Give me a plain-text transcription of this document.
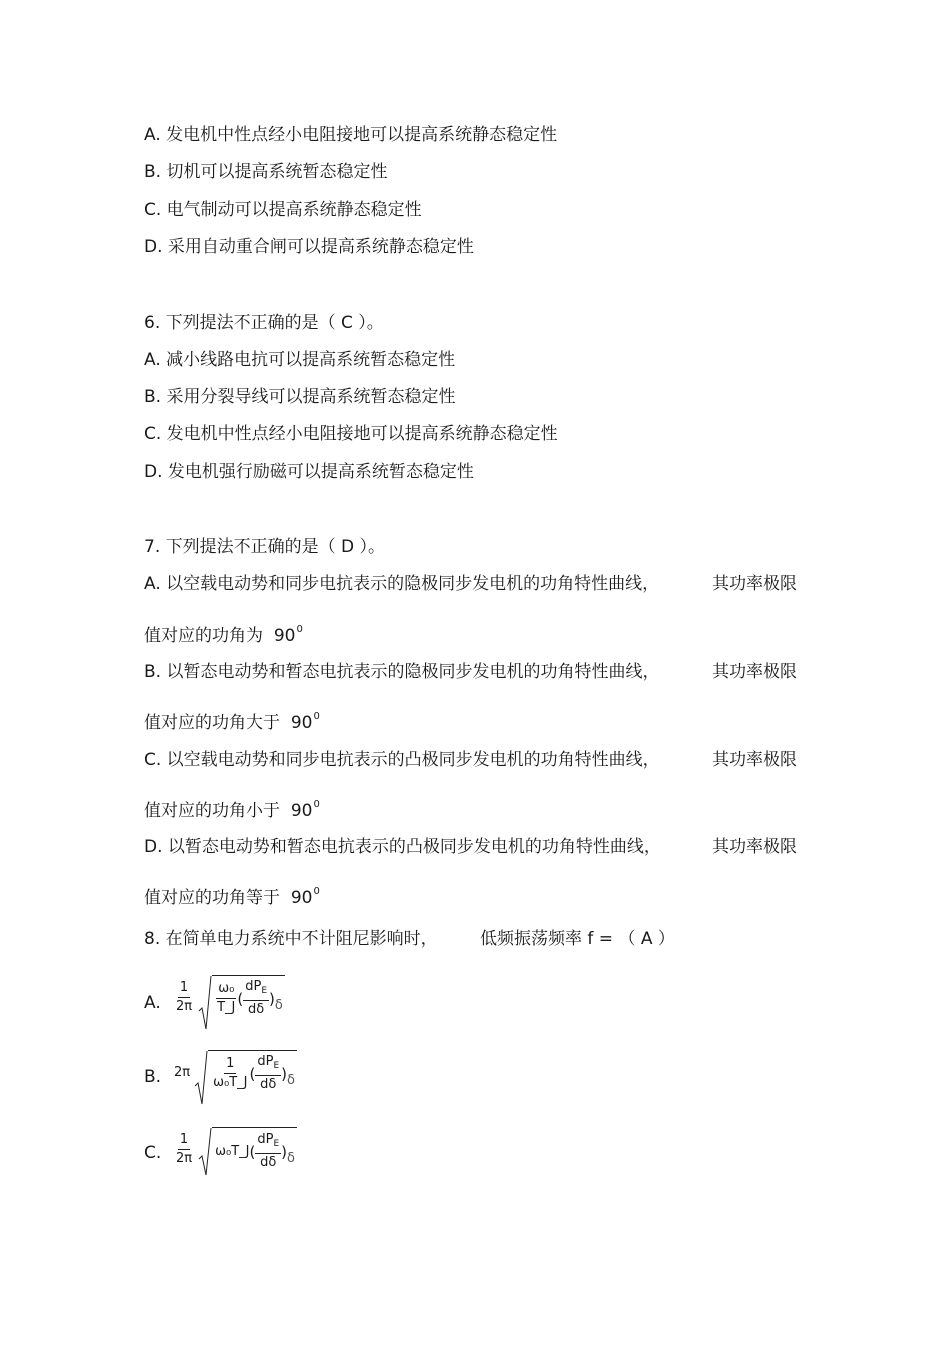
A. 发电机中性点经小电阻接地可以提高系统静态稳定性
B. 切机可以提高系统暂态稳定性
C. 电气制动可以提高系统静态稳定性
D. 采用自动重合闸可以提高系统静态稳定性
6. 下列提法不正确的是（ C ）。
A. 减小线路电抗可以提高系统暂态稳定性
B. 采用分裂导线可以提高系统暂态稳定性
C. 发电机中性点经小电阻接地可以提高系统静态稳定性
D. 发电机强行励磁可以提高系统暂态稳定性
7. 下列提法不正确的是（ D ）。
A. 以空载电动势和同步电抗表示的隐极同步发电机的功角特性曲线，	其功率极限
值对应的功角为 $90^0$
B. 以暂态电动势和暂态电抗表示的隐极同步发电机的功角特性曲线，	其功率极限
值对应的功角大于 $90^0$
C. 以空载电动势和同步电抗表示的凸极同步发电机的功角特性曲线，	其功率极限
值对应的功角小于 $90^0$
D. 以暂态电动势和暂态电抗表示的凸极同步发电机的功角特性曲线，	其功率极限
值对应的功角等于 $90^0$
8. 在简单电力系统中不计阻尼影响时， 低频振荡频率 f = （ A ）
A. $\frac{1}{2\pi} \frac{\text{ω₀}}{T\_J}$ ( $\frac{dP_E}{d\delta}$ ) δ
B. $2\pi \frac{1}{\text{ω₀T\_J}}$ ( $\frac{dP_E}{d\delta}$ ) δ
C. $\frac{1}{2\pi}$ ω₀T_J ( $\frac{dP_E}{d\delta}$ ) δ
